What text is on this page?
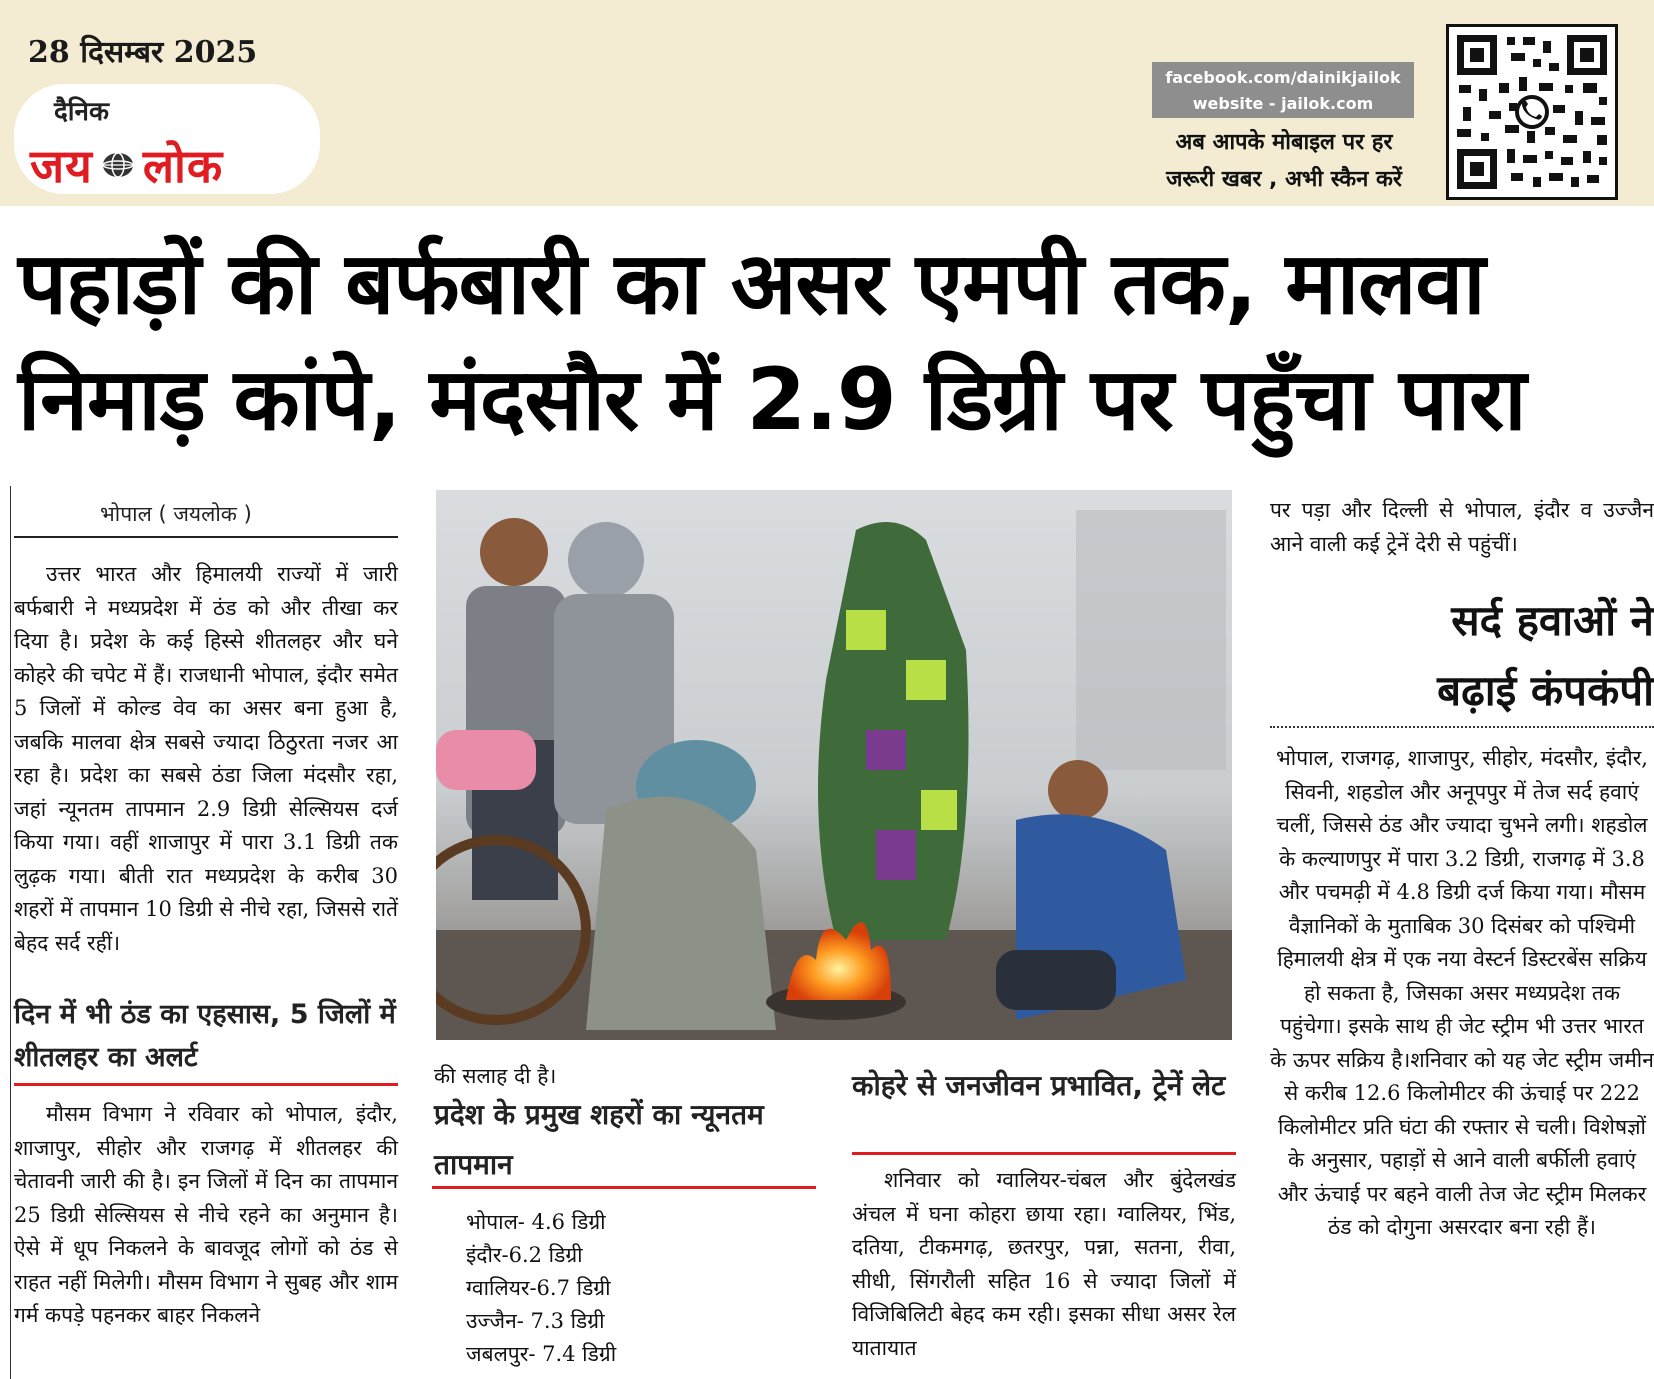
28 दिसम्बर 2025
दैनिक
जय लोक
facebook.com/dainikjailok
website - jailok.com
अब आपके मोबाइल पर हर जरूरी खबर , अभी स्कैन करें
पहाड़ों की बर्फबारी का असर एमपी तक, मालवा
निमाड़ कांपे, मंदसौर में 2.9 डिग्री पर पहुँचा पारा
भोपाल ( जयलोक )
उत्तर भारत और हिमालयी राज्यों में जारी बर्फबारी ने मध्यप्रदेश में ठंड को और तीखा कर दिया है। प्रदेश के कई हिस्से शीतलहर और घने कोहरे की चपेट में हैं। राजधानी भोपाल, इंदौर समेत 5 जिलों में कोल्ड वेव का असर बना हुआ है, जबकि मालवा क्षेत्र सबसे ज्यादा ठिठुरता नजर आ रहा है। प्रदेश का सबसे ठंडा जिला मंदसौर रहा, जहां न्यूनतम तापमान 2.9 डिग्री सेल्सियस दर्ज किया गया। वहीं शाजापुर में पारा 3.1 डिग्री तक लुढ़क गया। बीती रात मध्यप्रदेश के करीब 30 शहरों में तापमान 10 डिग्री से नीचे रहा, जिससे रातें बेहद सर्द रहीं।
दिन में भी ठंड का एहसास, 5 जिलों में शीतलहर का अलर्ट
मौसम विभाग ने रविवार को भोपाल, इंदौर, शाजापुर, सीहोर और राजगढ़ में शीतलहर की चेतावनी जारी की है। इन जिलों में दिन का तापमान 25 डिग्री सेल्सियस से नीचे रहने का अनुमान है। ऐसे में धूप निकलने के बावजूद लोगों को ठंड से राहत नहीं मिलेगी। मौसम विभाग ने सुबह और शाम गर्म कपड़े पहनकर बाहर निकलने
की सलाह दी है।
प्रदेश के प्रमुख शहरों का न्यूनतम तापमान
भोपाल- 4.6 डिग्री
इंदौर-6.2 डिग्री
ग्वालियर-6.7 डिग्री
उज्जैन- 7.3 डिग्री
जबलपुर- 7.4 डिग्री
कोहरे से जनजीवन प्रभावित, ट्रेनें लेट
शनिवार को ग्वालियर-चंबल और बुंदेलखंड अंचल में घना कोहरा छाया रहा। ग्वालियर, भिंड, दतिया, टीकमगढ़, छतरपुर, पन्ना, सतना, रीवा, सीधी, सिंगरौली सहित 16 से ज्यादा जिलों में विजिबिलिटी बेहद कम रही। इसका सीधा असर रेल यातायात
पर पड़ा और दिल्ली से भोपाल, इंदौर व उज्जैन आने वाली कई ट्रेनें देरी से पहुंचीं।
सर्द हवाओं ने
बढ़ाई कंपकंपी
भोपाल, राजगढ़, शाजापुर, सीहोर, मंदसौर, इंदौर, सिवनी, शहडोल और अनूपपुर में तेज सर्द हवाएं चलीं, जिससे ठंड और ज्यादा चुभने लगी। शहडोल के कल्याणपुर में पारा 3.2 डिग्री, राजगढ़ में 3.8 और पचमढ़ी में 4.8 डिग्री दर्ज किया गया। मौसम वैज्ञानिकों के मुताबिक 30 दिसंबर को पश्चिमी हिमालयी क्षेत्र में एक नया वेस्टर्न डिस्टरबेंस सक्रिय हो सकता है, जिसका असर मध्यप्रदेश तक पहुंचेगा। इसके साथ ही जेट स्ट्रीम भी उत्तर भारत के ऊपर सक्रिय है।शनिवार को यह जेट स्ट्रीम जमीन से करीब 12.6 किलोमीटर की ऊंचाई पर 222 किलोमीटर प्रति घंटा की रफ्तार से चली। विशेषज्ञों के अनुसार, पहाड़ों से आने वाली बर्फीली हवाएं और ऊंचाई पर बहने वाली तेज जेट स्ट्रीम मिलकर ठंड को दोगुना असरदार बना रही हैं।
